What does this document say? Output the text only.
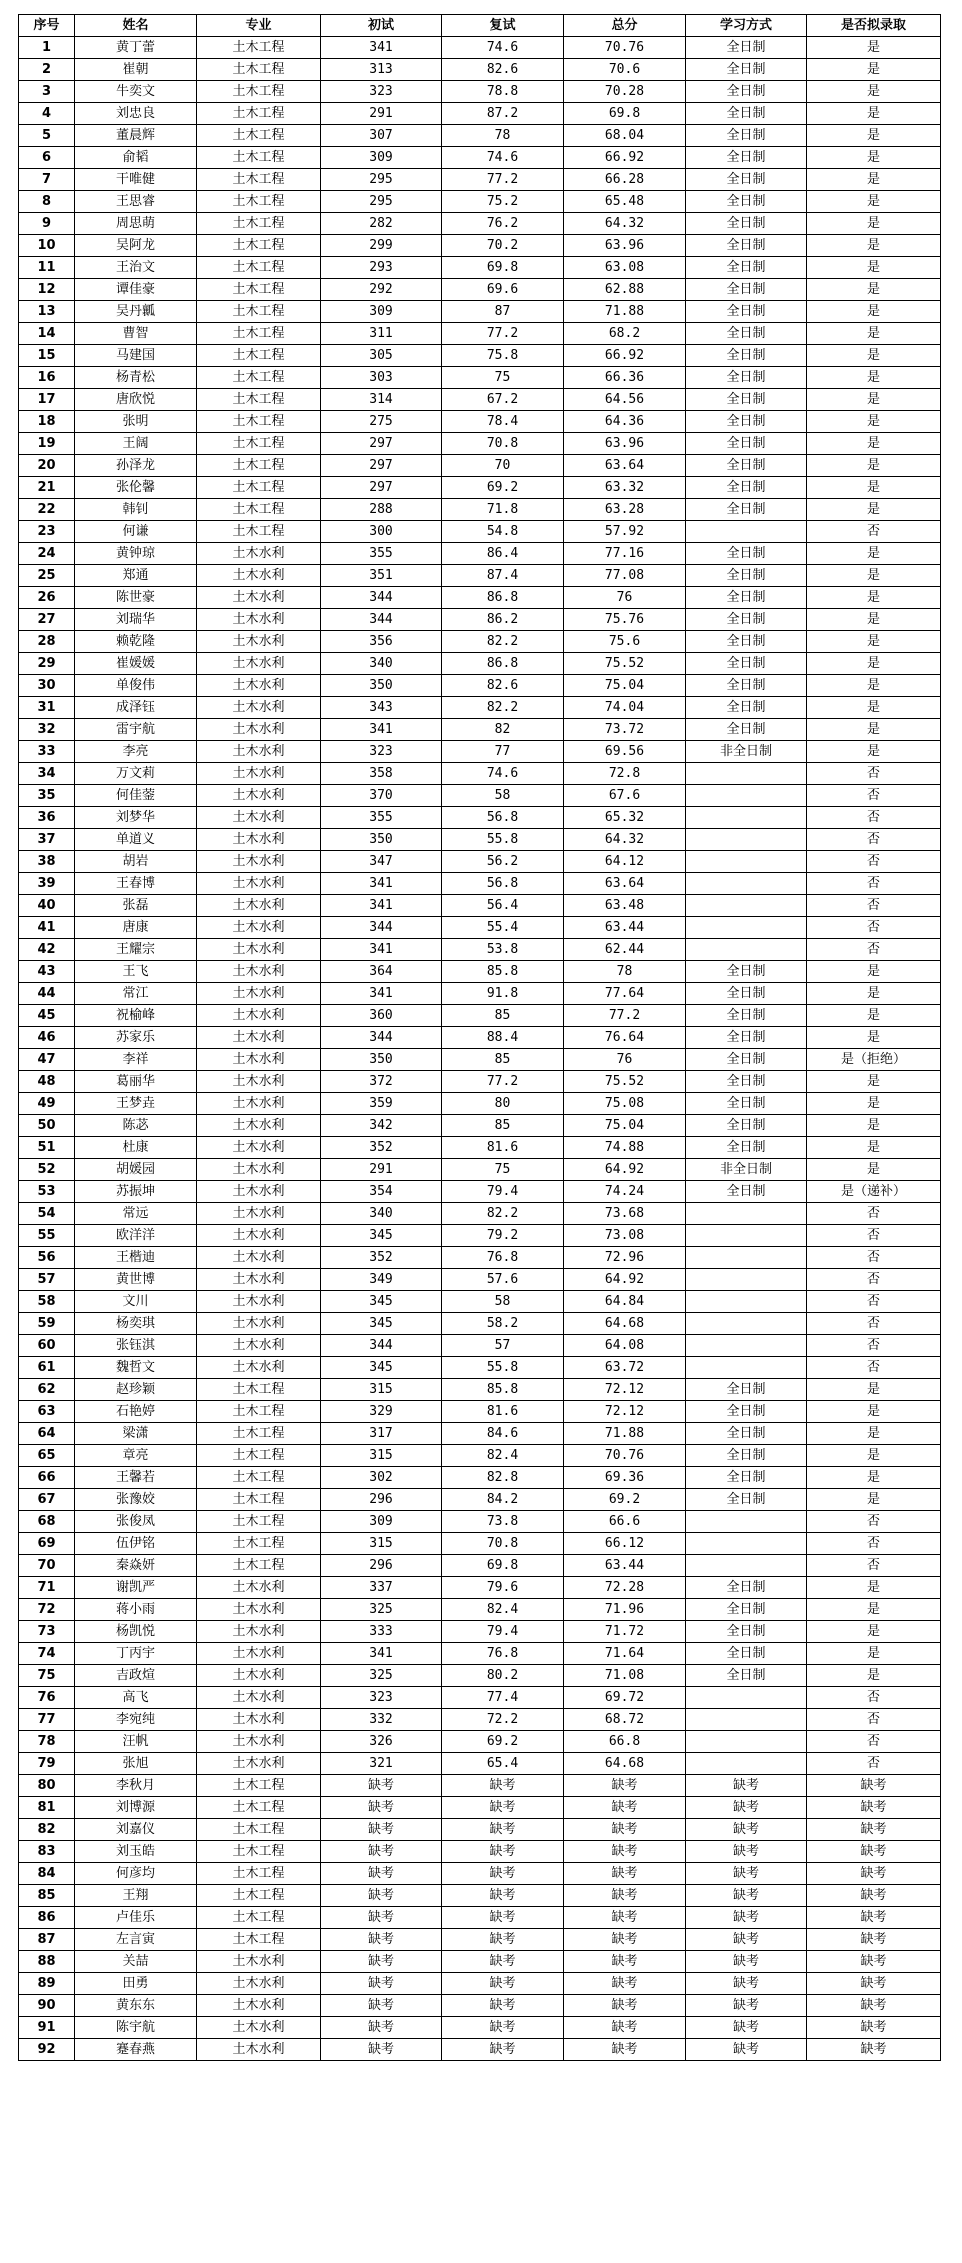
序号	姓名	专业	初试	复试	总分	学习方式	是否拟录取
1	黄丁蕾	土木工程	341	74.6	70.76	全日制	是
2	崔朝	土木工程	313	82.6	70.6	全日制	是
3	牛奕文	土木工程	323	78.8	70.28	全日制	是
4	刘忠良	土木工程	291	87.2	69.8	全日制	是
5	董晨辉	土木工程	307	78	68.04	全日制	是
6	俞韬	土木工程	309	74.6	66.92	全日制	是
7	干唯健	土木工程	295	77.2	66.28	全日制	是
8	王思睿	土木工程	295	75.2	65.48	全日制	是
9	周思萌	土木工程	282	76.2	64.32	全日制	是
10	吴阿龙	土木工程	299	70.2	63.96	全日制	是
11	王治文	土木工程	293	69.8	63.08	全日制	是
12	谭佳豪	土木工程	292	69.6	62.88	全日制	是
13	吴丹瓤	土木工程	309	87	71.88	全日制	是
14	曹智	土木工程	311	77.2	68.2	全日制	是
15	马建国	土木工程	305	75.8	66.92	全日制	是
16	杨青松	土木工程	303	75	66.36	全日制	是
17	唐欣悦	土木工程	314	67.2	64.56	全日制	是
18	张明	土木工程	275	78.4	64.36	全日制	是
19	王阔	土木工程	297	70.8	63.96	全日制	是
20	孙泽龙	土木工程	297	70	63.64	全日制	是
21	张伦馨	土木工程	297	69.2	63.32	全日制	是
22	韩钊	土木工程	288	71.8	63.28	全日制	是
23	何谦	土木工程	300	54.8	57.92		否
24	黄钟琼	土木水利	355	86.4	77.16	全日制	是
25	郑通	土木水利	351	87.4	77.08	全日制	是
26	陈世豪	土木水利	344	86.8	76	全日制	是
27	刘瑞华	土木水利	344	86.2	75.76	全日制	是
28	赖乾隆	土木水利	356	82.2	75.6	全日制	是
29	崔媛媛	土木水利	340	86.8	75.52	全日制	是
30	单俊伟	土木水利	350	82.6	75.04	全日制	是
31	成泽钰	土木水利	343	82.2	74.04	全日制	是
32	雷宇航	土木水利	341	82	73.72	全日制	是
33	李亮	土木水利	323	77	69.56	非全日制	是
34	万文莉	土木水利	358	74.6	72.8		否
35	何佳蓥	土木水利	370	58	67.6		否
36	刘梦华	土木水利	355	56.8	65.32		否
37	单道义	土木水利	350	55.8	64.32		否
38	胡岩	土木水利	347	56.2	64.12		否
39	王春博	土木水利	341	56.8	63.64		否
40	张磊	土木水利	341	56.4	63.48		否
41	唐康	土木水利	344	55.4	63.44		否
42	王耀宗	土木水利	341	53.8	62.44		否
43	王飞	土木水利	364	85.8	78	全日制	是
44	常江	土木水利	341	91.8	77.64	全日制	是
45	祝榆峰	土木水利	360	85	77.2	全日制	是
46	苏家乐	土木水利	344	88.4	76.64	全日制	是
47	李祥	土木水利	350	85	76	全日制	是（拒绝）
48	葛丽华	土木水利	372	77.2	75.52	全日制	是
49	王梦垚	土木水利	359	80	75.08	全日制	是
50	陈苾	土木水利	342	85	75.04	全日制	是
51	杜康	土木水利	352	81.6	74.88	全日制	是
52	胡媛园	土木水利	291	75	64.92	非全日制	是
53	苏振坤	土木水利	354	79.4	74.24	全日制	是（递补）
54	常远	土木水利	340	82.2	73.68		否
55	欧洋洋	土木水利	345	79.2	73.08		否
56	王楷迪	土木水利	352	76.8	72.96		否
57	黄世博	土木水利	349	57.6	64.92		否
58	文川	土木水利	345	58	64.84		否
59	杨奕琪	土木水利	345	58.2	64.68		否
60	张钰淇	土木水利	344	57	64.08		否
61	魏哲文	土木水利	345	55.8	63.72		否
62	赵珍颖	土木工程	315	85.8	72.12	全日制	是
63	石艳婷	土木工程	329	81.6	72.12	全日制	是
64	梁潇	土木工程	317	84.6	71.88	全日制	是
65	章亮	土木工程	315	82.4	70.76	全日制	是
66	王馨若	土木工程	302	82.8	69.36	全日制	是
67	张豫姣	土木工程	296	84.2	69.2	全日制	是
68	张俊凤	土木工程	309	73.8	66.6		否
69	伍伊铭	土木工程	315	70.8	66.12		否
70	秦焱妍	土木工程	296	69.8	63.44		否
71	谢凯严	土木水利	337	79.6	72.28	全日制	是
72	蒋小雨	土木水利	325	82.4	71.96	全日制	是
73	杨凯悦	土木水利	333	79.4	71.72	全日制	是
74	丁丙宇	土木水利	341	76.8	71.64	全日制	是
75	吉政煊	土木水利	325	80.2	71.08	全日制	是
76	高飞	土木水利	323	77.4	69.72		否
77	李宛纯	土木水利	332	72.2	68.72		否
78	汪帆	土木水利	326	69.2	66.8		否
79	张旭	土木水利	321	65.4	64.68		否
80	李秋月	土木工程	缺考	缺考	缺考	缺考	缺考
81	刘博源	土木工程	缺考	缺考	缺考	缺考	缺考
82	刘嘉仪	土木工程	缺考	缺考	缺考	缺考	缺考
83	刘玉皓	土木工程	缺考	缺考	缺考	缺考	缺考
84	何彦均	土木工程	缺考	缺考	缺考	缺考	缺考
85	王翔	土木工程	缺考	缺考	缺考	缺考	缺考
86	卢佳乐	土木工程	缺考	缺考	缺考	缺考	缺考
87	左言寅	土木工程	缺考	缺考	缺考	缺考	缺考
88	关喆	土木水利	缺考	缺考	缺考	缺考	缺考
89	田勇	土木水利	缺考	缺考	缺考	缺考	缺考
90	黄东东	土木水利	缺考	缺考	缺考	缺考	缺考
91	陈宇航	土木水利	缺考	缺考	缺考	缺考	缺考
92	蹇春燕	土木水利	缺考	缺考	缺考	缺考	缺考
